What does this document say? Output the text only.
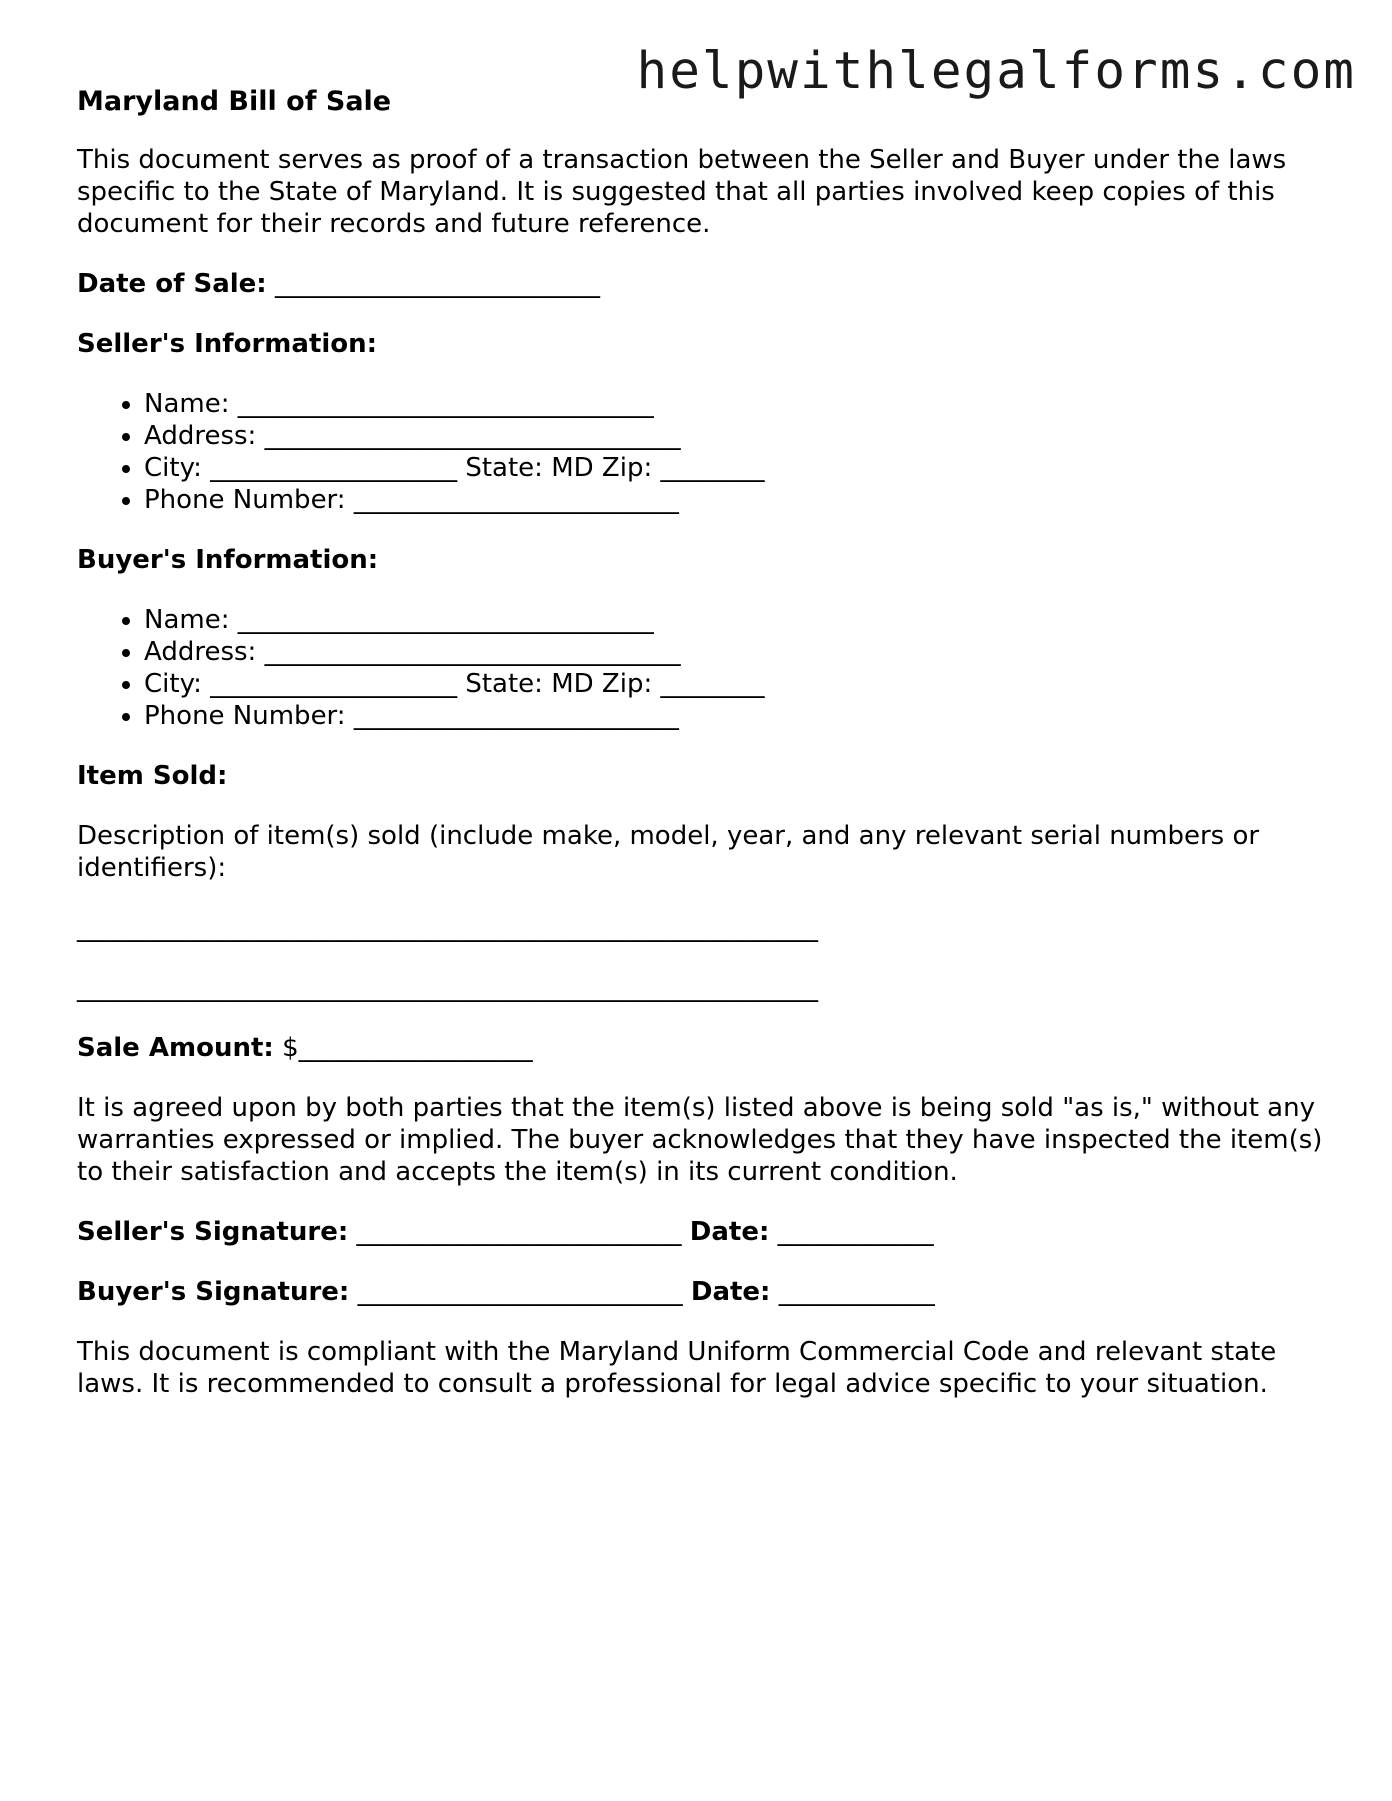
helpwithlegalforms.com
Maryland Bill of Sale

This document serves as proof of a transaction between the Seller and Buyer under the laws specific to the State of Maryland. It is suggested that all parties involved keep copies of this document for their records and future reference.

Date of Sale: _________________________

Seller's Information:
• Name: ________________________________
• Address: ________________________________
• City: ___________________ State: MD Zip: ________
• Phone Number: _________________________
Buyer's Information:
• Name: ________________________________
• Address: ________________________________
• City: ___________________ State: MD Zip: ________
• Phone Number: _________________________
Item Sold:

Description of item(s) sold (include make, model, year, and any relevant serial numbers or identifiers):

_________________________________________________________
_________________________________________________________

Sale Amount: $__________________

It is agreed upon by both parties that the item(s) listed above is being sold "as is," without any warranties expressed or implied. The buyer acknowledges that they have inspected the item(s) to their satisfaction and accepts the item(s) in its current condition.

Seller's Signature: _________________________ Date: ____________

Buyer's Signature: _________________________ Date: ____________

This document is compliant with the Maryland Uniform Commercial Code and relevant state laws. It is recommended to consult a professional for legal advice specific to your situation.
